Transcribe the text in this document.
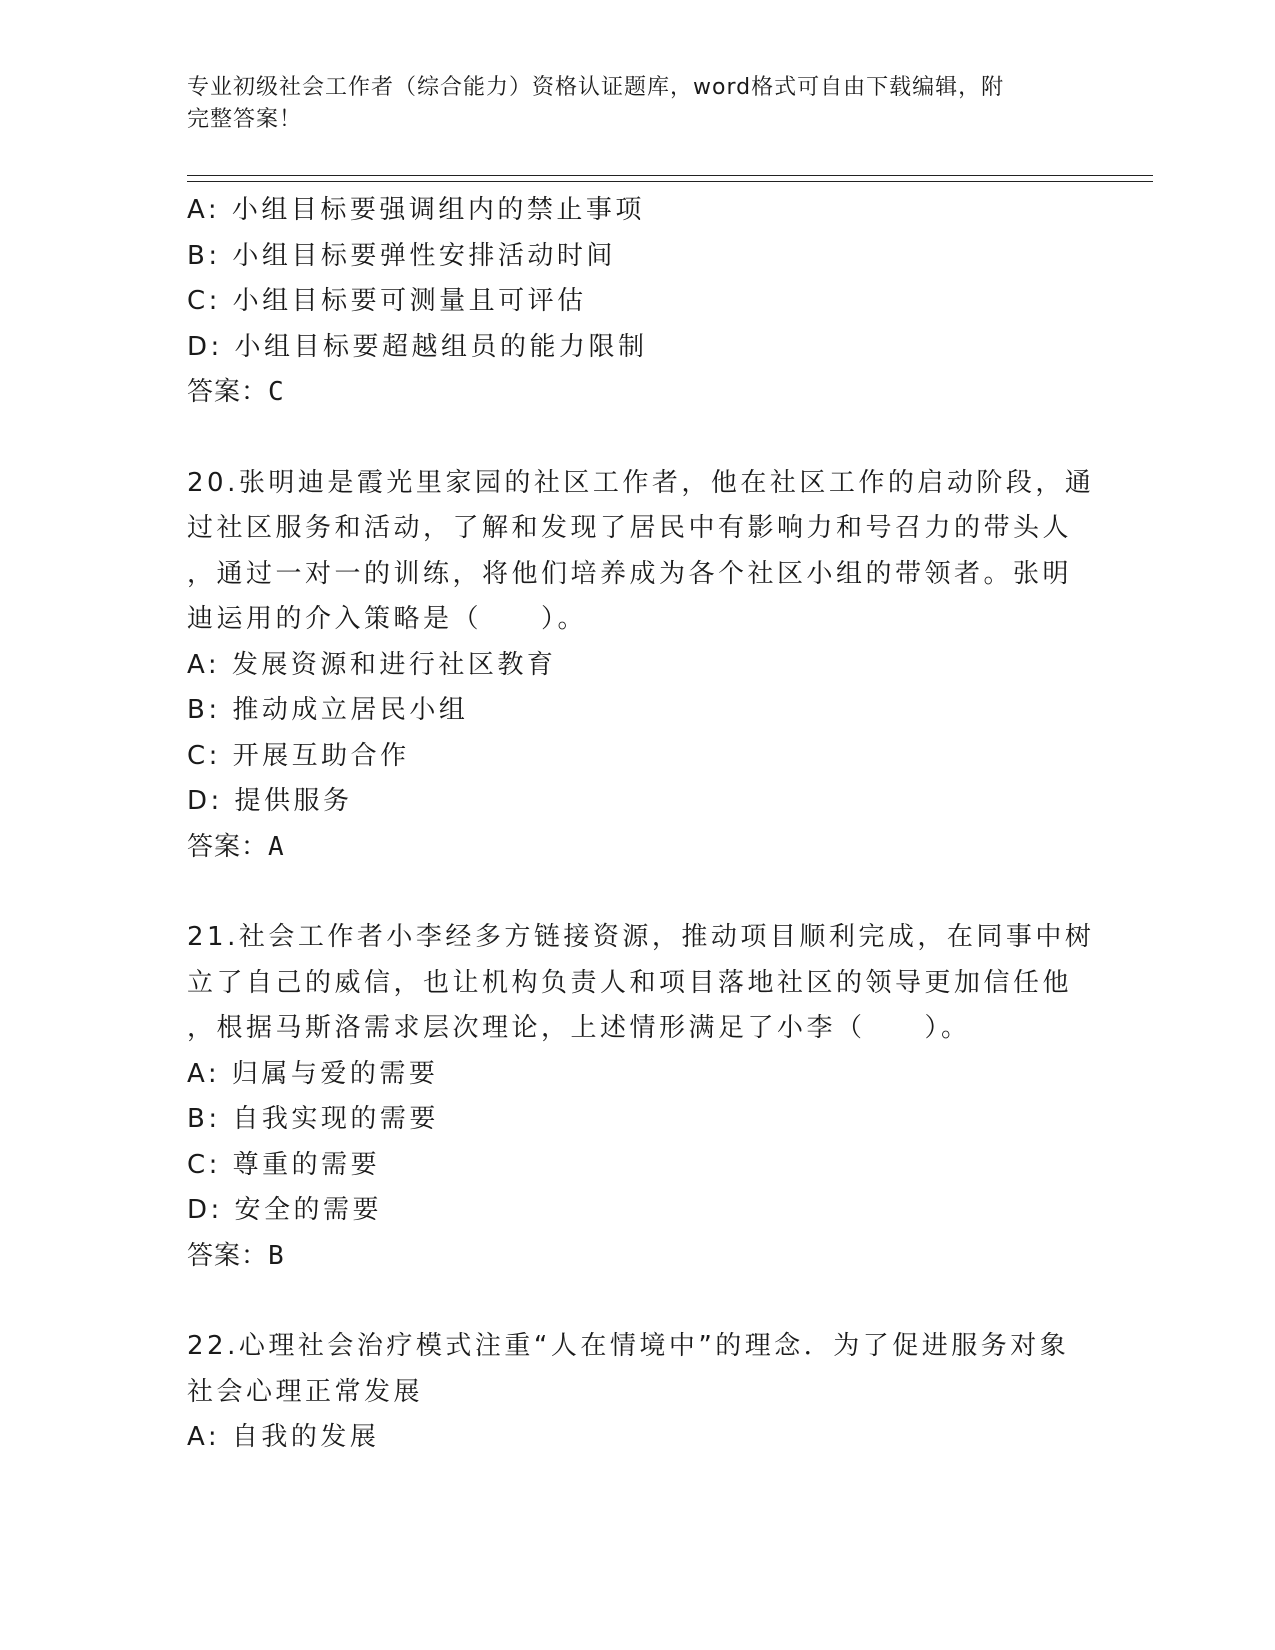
专业初级社会工作者（综合能力）资格认证题库，word格式可自由下载编辑，附
完整答案！
A: 小组目标要强调组内的禁止事项
B: 小组目标要弹性安排活动时间
C: 小组目标要可测量且可评估
D: 小组目标要超越组员的能力限制
答案：C
20.张明迪是霞光里家园的社区工作者，他在社区工作的启动阶段，通
过社区服务和活动，了解和发现了居民中有影响力和号召力的带头人
，通过一对一的训练，将他们培养成为各个社区小组的带领者。张明
迪运用的介入策略是（　　）。
A: 发展资源和进行社区教育
B: 推动成立居民小组
C: 开展互助合作
D: 提供服务
答案：A
21.社会工作者小李经多方链接资源，推动项目顺利完成，在同事中树
立了自己的威信，也让机构负责人和项目落地社区的领导更加信任他
，根据马斯洛需求层次理论，上述情形满足了小李（　　）。
A: 归属与爱的需要
B: 自我实现的需要
C: 尊重的需要
D: 安全的需要
答案：B
22.心理社会治疗模式注重“人在情境中”的理念．为了促进服务对象
社会心理正常发展
A: 自我的发展
